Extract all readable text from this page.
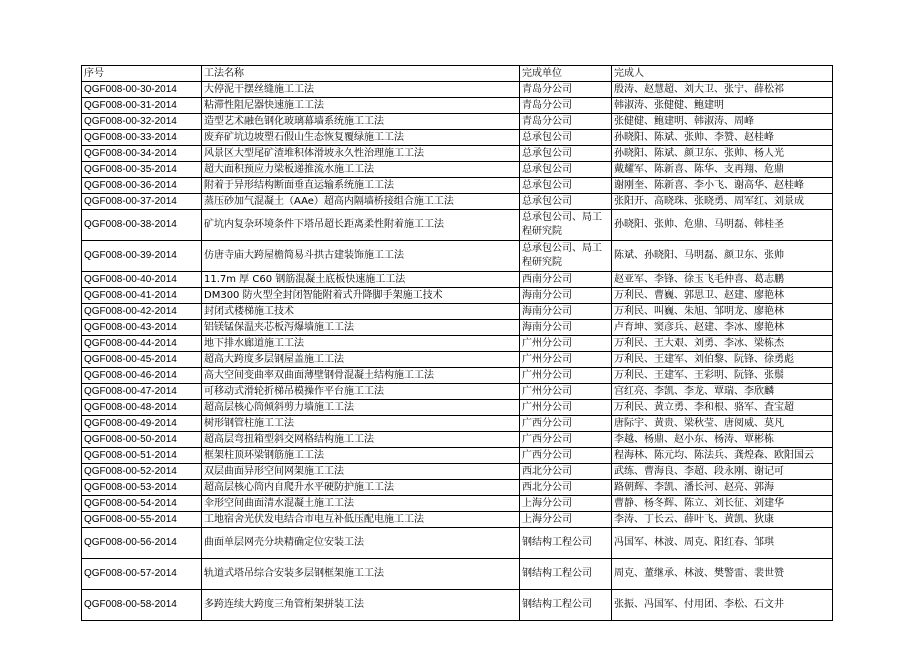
序号	工法名称	完成单位	完成人
QGF008-00-30-2014	大停泥干摆丝缝施工工法	青岛分公司	殷涛、赵慧超、刘大卫、张宁、薛松祁
QGF008-00-31-2014	粘滞性阻尼器快速施工工法	青岛分公司	韩淑涛、张健健、鲍建明
QGF008-00-32-2014	造型艺术融色钢化玻璃幕墙系统施工工法	青岛分公司	张健健、鲍建明、韩淑涛、周峰
QGF008-00-33-2014	废弃矿坑边坡塑石假山生态恢复覆绿施工工法	总承包公司	孙晓阳、陈斌、张帅、李赞、赵桂峰
QGF008-00-34-2014	风景区大型尾矿渣堆积体滑坡永久性治理施工工法	总承包公司	孙晓阳、陈斌、颜卫东、张帅、杨人光
QGF008-00-35-2014	超大面积预应力梁板递推流水施工工法	总承包公司	戴耀军、陈新喜、陈华、支再翔、危鼎
QGF008-00-36-2014	附着于异形结构断面垂直运输系统施工工法	总承包公司	谢刚奎、陈新喜、李小飞、谢高华、赵桂峰
QGF008-00-37-2014	蒸压砂加气混凝土（AAe）超高内隔墙桥接组合施工工法	总承包公司	张阳开、高晓珠、张晓勇、周军红、刘景成
QGF008-00-38-2014	矿坑内复杂环境条件下塔吊超长距离柔性附着施工工法	总承包公司、局工程研究院	孙晓阳、张帅、危鼎、马明磊、韩桂圣
QGF008-00-39-2014	仿唐寺庙大跨屋檐简易斗拱古建装饰施工工法	总承包公司、局工程研究院	陈斌、孙晓阳、马明磊、颜卫东、张帅
QGF008-00-40-2014	11.7m 厚 C60 钢筋混凝土底板快速施工工法	西南分公司	赵亚军、李锋、徐玉飞毛仲喜、葛志鹏
QGF008-00-41-2014	DM300 防火型全封闭智能附着式升降脚手架施工技术	海南分公司	万利民、曹巍、郭思卫、赵建、廖艳林
QGF008-00-42-2014	封闭式楼梯施工技术	海南分公司	万利民、叫巍、朱旭、邹明龙、廖艳林
QGF008-00-43-2014	铝镁锰保温夹芯板泻爆墙施工工法	海南分公司	卢育坤、窦彦兵、赵建、李冰、廖艳林
QGF008-00-44-2014	地下排水廊道施工工法	广州分公司	万利民、王大艰、刘勇、李冰、梁栋杰
QGF008-00-45-2014	超高大跨度多层钢屋盖施工工法	广州分公司	万利民、王建军、刘伯黎、阮锋、徐勇彪
QGF008-00-46-2014	高大空间变曲率双曲面薄壁钢骨混凝土结构施工工法	广州分公司	万利民、王建军、王彩明、阮锋、张鬃
QGF008-00-47-2014	可移动式滑轮折梯吊模操作平台施工工法	广州分公司	宫红亮、李凯、李龙、覃瑞、李欣麟
QGF008-00-48-2014	超高层核心筒倾斜剪力墙施工工法	广州分公司	万利民、黄立勇、李和根、骆军、査宝超
QGF008-00-49-2014	树形钢管柱施工工法	广西分公司	唐际宇、黄贵、梁秋莹、唐阅威、莫凡
QGF008-00-50-2014	超高层弯扭箱型斜交网格结构施工工法	广西分公司	李越、杨鼎、赵小东、杨涛、覃彬栋
QGF008-00-51-2014	框架柱顶环梁钢筋施工工法	广西分公司	程海林、陈元均、陈法兵、龚煌森、欧阳国云
QGF008-00-52-2014	双层曲面异形空间网架施工工法	西北分公司	武练、曹海良、李超、段永刚、谢记可
QGF008-00-53-2014	超高层核心筒内自爬升水平硬防护施工工法	西北分公司	路朝辉、李凯、潘长河、赵亮、郭海
QGF008-00-54-2014	伞形空间曲面清水混凝土施工工法	上海分公司	曹静、杨冬辉、陈立、刘长征、刘建华
QGF008-00-55-2014	工地宿舍光伏发电结合市电互补低压配电施工工法	上海分公司	李涛、丁长云、薛叶飞、黄凯、狄康
QGF008-00-56-2014	曲面单层网壳分块精确定位安装工法	钢结构工程公司	冯国军、林波、周克、阳红春、邹琪
QGF008-00-57-2014	轨道式塔吊综合安装多层钢框架施工工法	钢结构工程公司	周克、董继承、林波、樊警雷、裴世赞
QGF008-00-58-2014	多跨连续大跨度三角管桁架拼装工法	钢结构工程公司	张振、冯国军、付用团、李松、石文井
